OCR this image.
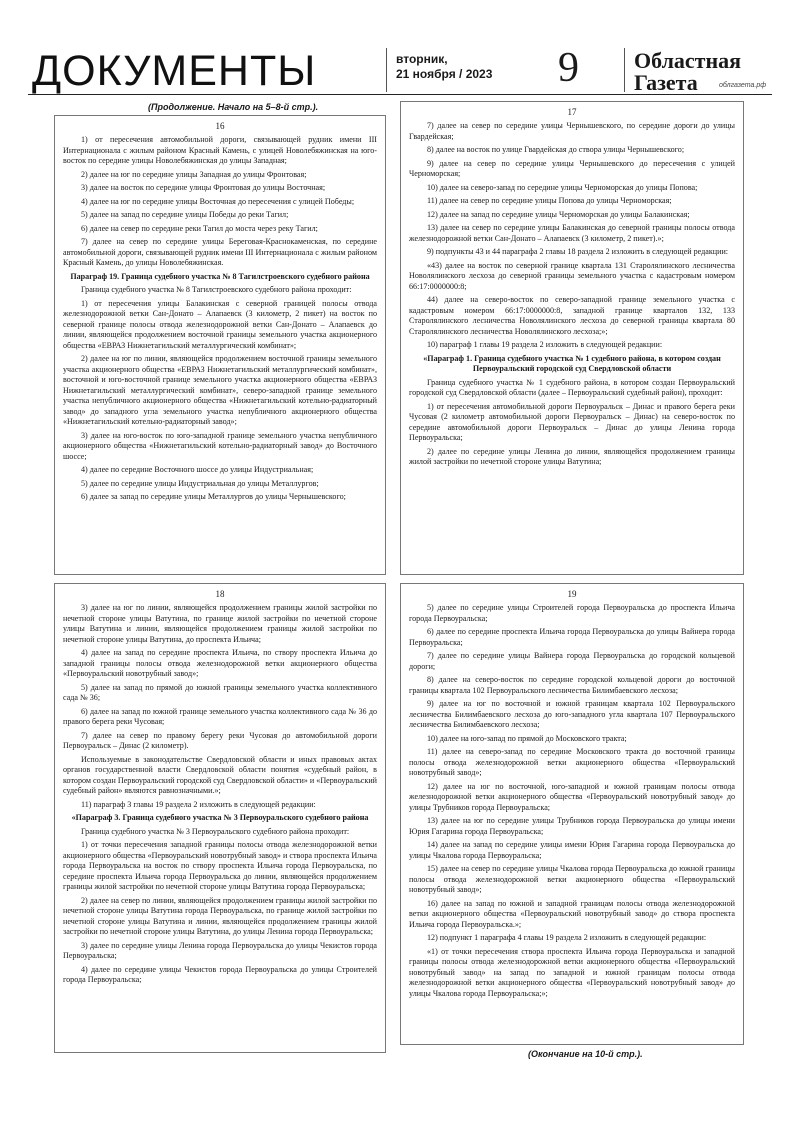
ДОКУМЕНТЫ	вторник,
21 ноября / 2023 9	Областная
Газета	облгазета.рф
(Продолжение. Начало на 5–8-й стр.).
16

1) от пересечения автомобильной дороги, связывающей рудник имени III Интернационала с жилым районом Красный Камень, с улицей Новолебяжинская на юго-восток по середине улицы Новолебяжинская до улицы Западная;

2) далее на юг по середине улицы Западная до улицы Фронтовая;

3) далее на восток по середине улицы Фронтовая до улицы Восточная;

4) далее на юг по середине улицы Восточная до пересечения с улицей Победы;

5) далее на запад по середине улицы Победы до реки Тагил;

6) далее на север по середине реки Тагил до моста через реку Тагил;

7) далее на север по середине улицы Береговая-Краснокаменская, по середине автомобильной дороги, связывающей рудник имени III Интернационала с жилым районом Красный Камень, до улицы Новолебяжинская.

Параграф 19. Граница судебного участка № 8 Тагилстроевского судебного района

Граница судебного участка № 8 Тагилстроевского судебного района проходит:

1) от пересечения улицы Балакинская с северной границей полосы отвода железнодорожной ветки Сан-Донато – Алапаевск (3 километр, 2 пикет) на восток по северной границе полосы отвода железнодорожной ветки Сан-Донато – Алапаевск до линии, являющейся продолжением восточной границы земельного участка акционерного общества «ЕВРАЗ Нижнетагильский металлургический комбинат»;

2) далее на юг по линии, являющейся продолжением восточной границы земельного участка акционерного общества «ЕВРАЗ Нижнетагильский металлургический комбинат», восточной и юго-восточной границе земельного участка акционерного общества «ЕВРАЗ Нижнетагильский металлургический комбинат», северо-западной границе земельного участка непубличного акционерного общества «Нижнетагильский котельно-радиаторный завод» до западного угла земельного участка непубличного акционерного общества «Нижнетагильский котельно-радиаторный завод»;

3) далее на юго-восток по юго-западной границе земельного участка непубличного акционерного общества «Нижнетагильский котельно-радиаторный завод» до Восточного шоссе;

4) далее по середине Восточного шоссе до улицы Индустриальная;

5) далее по середине улицы Индустриальная до улицы Металлургов;

6) далее за запад по середине улицы Металлургов до улицы Чернышевского;

17

7) далее на север по середине улицы Чернышевского, по середине дороги до улицы Гвардейская;

8) далее на восток по улице Гвардейская до створа улицы Чернышевского;

9) далее на север по середине улицы Чернышевского до пересечения с улицей Черноморская;

10) далее на северо-запад по середине улицы Черноморская до улицы Попова;

11) далее на север по середине улицы Попова до улицы Черноморская;

12) далее на запад по середине улицы Черноморская до улицы Балакинская;

13) далее на север по середине улицы Балакинская до северной границы полосы отвода железнодорожной ветки Сан-Донато – Алапаевск (3 километр, 2 пикет).»;

9) подпункты 43 и 44 параграфа 2 главы 18 раздела 2 изложить в следующей редакции:

«43) далее на восток по северной границе квартала 131 Старолялинского лесничества Новолялинского лесхоза до северной границы земельного участка с кадастровым номером 66:17:0000000:8;

44) далее на северо-восток по северо-западной границе земельного участка с кадастровым номером 66:17:0000000:8, западной границе кварталов 132, 133 Старолялинского лесничества Новолялинского лесхоза до северной границы квартала 80 Старолялинского лесничества Новолялинского лесхоза;»;

10) параграф 1 главы 19 раздела 2 изложить в следующей редакции:

«Параграф 1. Граница судебного участка № 1 судебного района, в котором создан Первоуральский городской суд Свердловской области

Граница судебного участка № 1 судебного района, в котором создан Первоуральский городской суд Свердловской области (далее – Первоуральский судебный район), проходит:

1) от пересечения автомобильной дороги Первоуральск – Динас и правого берега реки Чусовая (2 километр автомобильной дороги Первоуральск – Динас) на северо-восток по середине автомобильной дороги Первоуральск – Динас до улицы Ленина города Первоуральска;

2) далее по середине улицы Ленина до линии, являющейся продолжением границы жилой застройки по нечетной стороне улицы Ватутина;

18

3) далее на юг по линии, являющейся продолжением границы жилой застройки по нечетной стороне улицы Ватутина, по границе жилой застройки по нечетной стороне улицы Ватутина и линии, являющейся продолжением границы жилой застройки по нечетной стороне улицы Ватутина, до проспекта Ильича;

4) далее на запад по середине проспекта Ильича, по створу проспекта Ильича до западной границы полосы отвода железнодорожной ветки акционерного общества «Первоуральский новотрубный завод»;

5) далее на запад по прямой до южной границы земельного участка коллективного сада № 36;

6) далее на запад по южной границе земельного участка коллективного сада № 36 до правого берега реки Чусовая;

7) далее на север по правому берегу реки Чусовая до автомобильной дороги Первоуральск – Динас (2 километр).

Используемые в законодательстве Свердловской области и иных правовых актах органов государственной власти Свердловской области понятия «судебный район, в котором создан Первоуральский городской суд Свердловской области» и «Первоуральский судебный район» являются равнозначными.»;

11) параграф 3 главы 19 раздела 2 изложить в следующей редакции:

«Параграф 3. Граница судебного участка № 3 Первоуральского судебного района

Граница судебного участка № 3 Первоуральского судебного района проходит:

1) от точки пересечения западной границы полосы отвода железнодорожной ветки акционерного общества «Первоуральский новотрубный завод» и створа проспекта Ильича города Первоуральска на восток по створу проспекта Ильича города Первоуральска, по середине проспекта Ильича города Первоуральска до линии, являющейся продолжением границы жилой застройки по нечетной стороне улицы Ватутина города Первоуральска;

2) далее на север по линии, являющейся продолжением границы жилой застройки по нечетной стороне улицы Ватутина города Первоуральска, по границе жилой застройки по нечетной стороне улицы Ватутина и линии, являющейся продолжением границы жилой застройки по нечетной стороне улицы Ватутина, до улицы Ленина города Первоуральска;

3) далее по середине улицы Ленина города Первоуральска до улицы Чекистов города Первоуральска;

4) далее по середине улицы Чекистов города Первоуральска до улицы Строителей города Первоуральска;

19

5) далее по середине улицы Строителей города Первоуральска до проспекта Ильича города Первоуральска;

6) далее по середине проспекта Ильича города Первоуральска до улицы Вайнера города Первоуральска;

7) далее по середине улицы Вайнера города Первоуральска до городской кольцевой дороги;

8) далее на северо-восток по середине городской кольцевой дороги до восточной границы квартала 102 Первоуральского лесничества Билимбаевского лесхоза;

9) далее на юг по восточной и южной границам квартала 102 Первоуральского лесничества Билимбаевского лесхоза до юго-западного угла квартала 107 Первоуральского лесничества Билимбаевского лесхоза;

10) далее на юго-запад по прямой до Московского тракта;

11) далее на северо-запад по середине Московского тракта до восточной границы полосы отвода железнодорожной ветки акционерного общества «Первоуральский новотрубный завод»;

12) далее на юг по восточной, юго-западной и южной границам полосы отвода железнодорожной ветки акционерного общества «Первоуральский новотрубный завод» до улицы Трубников города Первоуральска;

13) далее на юг по середине улицы Трубников города Первоуральска до улицы имени Юрия Гагарина города Первоуральска;

14) далее на запад по середине улицы имени Юрия Гагарина города Первоуральска до улицы Чкалова города Первоуральска;

15) далее на север по середине улицы Чкалова города Первоуральска до южной границы полосы отвода железнодорожной ветки акционерного общества «Первоуральский новотрубный завод»;

16) далее на запад по южной и западной границам полосы отвода железнодорожной ветки акционерного общества «Первоуральский новотрубный завод» до створа проспекта Ильича города Первоуральска.»;

12) подпункт 1 параграфа 4 главы 19 раздела 2 изложить в следующей редакции:

«1) от точки пересечения створа проспекта Ильича города Первоуральска и западной границы полосы отвода железнодорожной ветки акционерного общества «Первоуральский новотрубный завод» на запад по западной и южной границам полосы отвода железнодорожной ветки акционерного общества «Первоуральский новотрубный завод» до улицы Чкалова города Первоуральска;»;

(Окончание на 10-й стр.).
